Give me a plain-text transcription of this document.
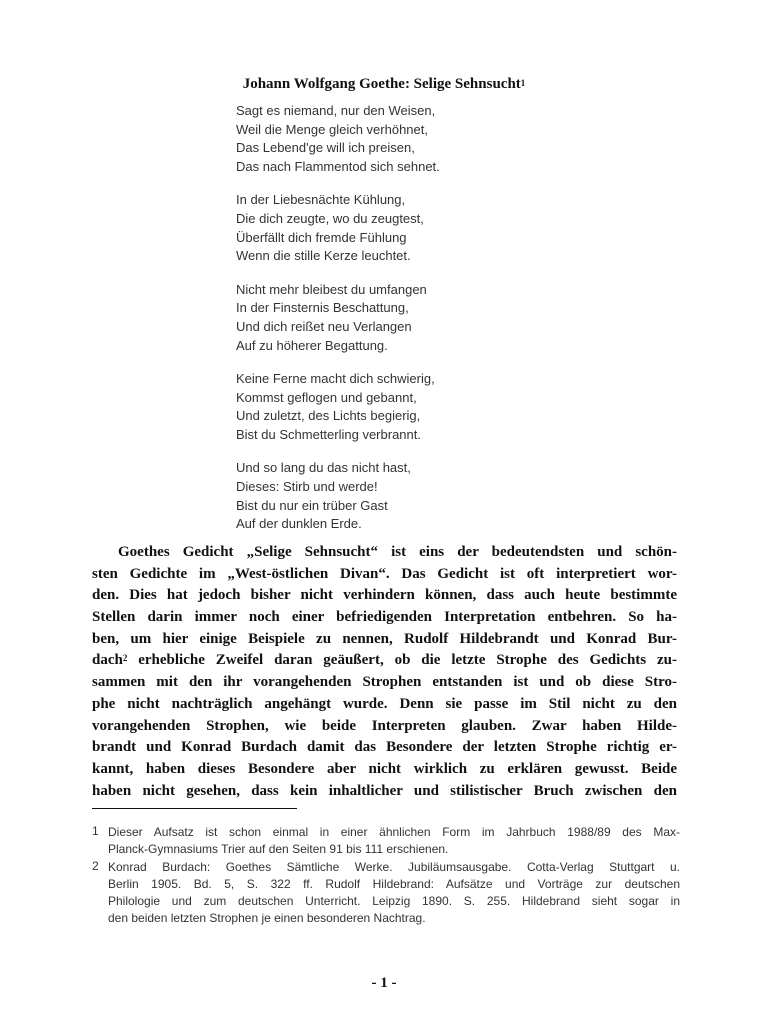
Johann Wolfgang Goethe: Selige Sehnsucht$^1$
Sagt es niemand, nur den Weisen,
Weil die Menge gleich verhöhnet,
Das Lebend'ge will ich preisen,
Das nach Flammentod sich sehnet.
In der Liebesnächte Kühlung,
Die dich zeugte, wo du zeugtest,
Überfällt dich fremde Fühlung
Wenn die stille Kerze leuchtet.
Nicht mehr bleibest du umfangen
In der Finsternis Beschattung,
Und dich reißet neu Verlangen
Auf zu höherer Begattung.
Keine Ferne macht dich schwierig,
Kommst geflogen und gebannt,
Und zuletzt, des Lichts begierig,
Bist du Schmetterling verbrannt.
Und so lang du das nicht hast,
Dieses: Stirb und werde!
Bist du nur ein trüber Gast
Auf der dunklen Erde.
Goethes Gedicht „Selige Sehnsucht“ ist eins der bedeutendsten und schön-
sten Gedichte im „West-östlichen Divan“. Das Gedicht ist oft interpretiert wor-
den. Dies hat jedoch bisher nicht verhindern können, dass auch heute bestimmte
Stellen darin immer noch einer befriedigenden Interpretation entbehren. So ha-
ben, um hier einige Beispiele zu nennen, Rudolf Hildebrandt und Konrad Bur-
dach$^2$ erhebliche Zweifel daran geäußert, ob die letzte Strophe des Gedichts zu-
sammen mit den ihr vorangehenden Strophen entstanden ist und ob diese Stro-
phe nicht nachträglich angehängt wurde. Denn sie passe im Stil nicht zu den
vorangehenden Strophen, wie beide Interpreten glauben. Zwar haben Hilde-
brandt und Konrad Burdach damit das Besondere der letzten Strophe richtig er-
kannt, haben dieses Besondere aber nicht wirklich zu erklären gewusst. Beide
haben nicht gesehen, dass kein inhaltlicher und stilistischer Bruch zwischen den
1 Dieser Aufsatz ist schon einmal in einer ähnlichen Form im Jahrbuch 1988/89 des Max-
Planck-Gymnasiums Trier auf den Seiten 91 bis 111 erschienen.
2 Konrad Burdach: Goethes Sämtliche Werke. Jubiläumsausgabe. Cotta-Verlag Stuttgart u.
Berlin 1905. Bd. 5, S. 322 ff. Rudolf Hildebrand: Aufsätze und Vorträge zur deutschen
Philologie und zum deutschen Unterricht. Leipzig 1890. S. 255. Hildebrand sieht sogar in
den beiden letzten Strophen je einen besonderen Nachtrag.
- 1 -
